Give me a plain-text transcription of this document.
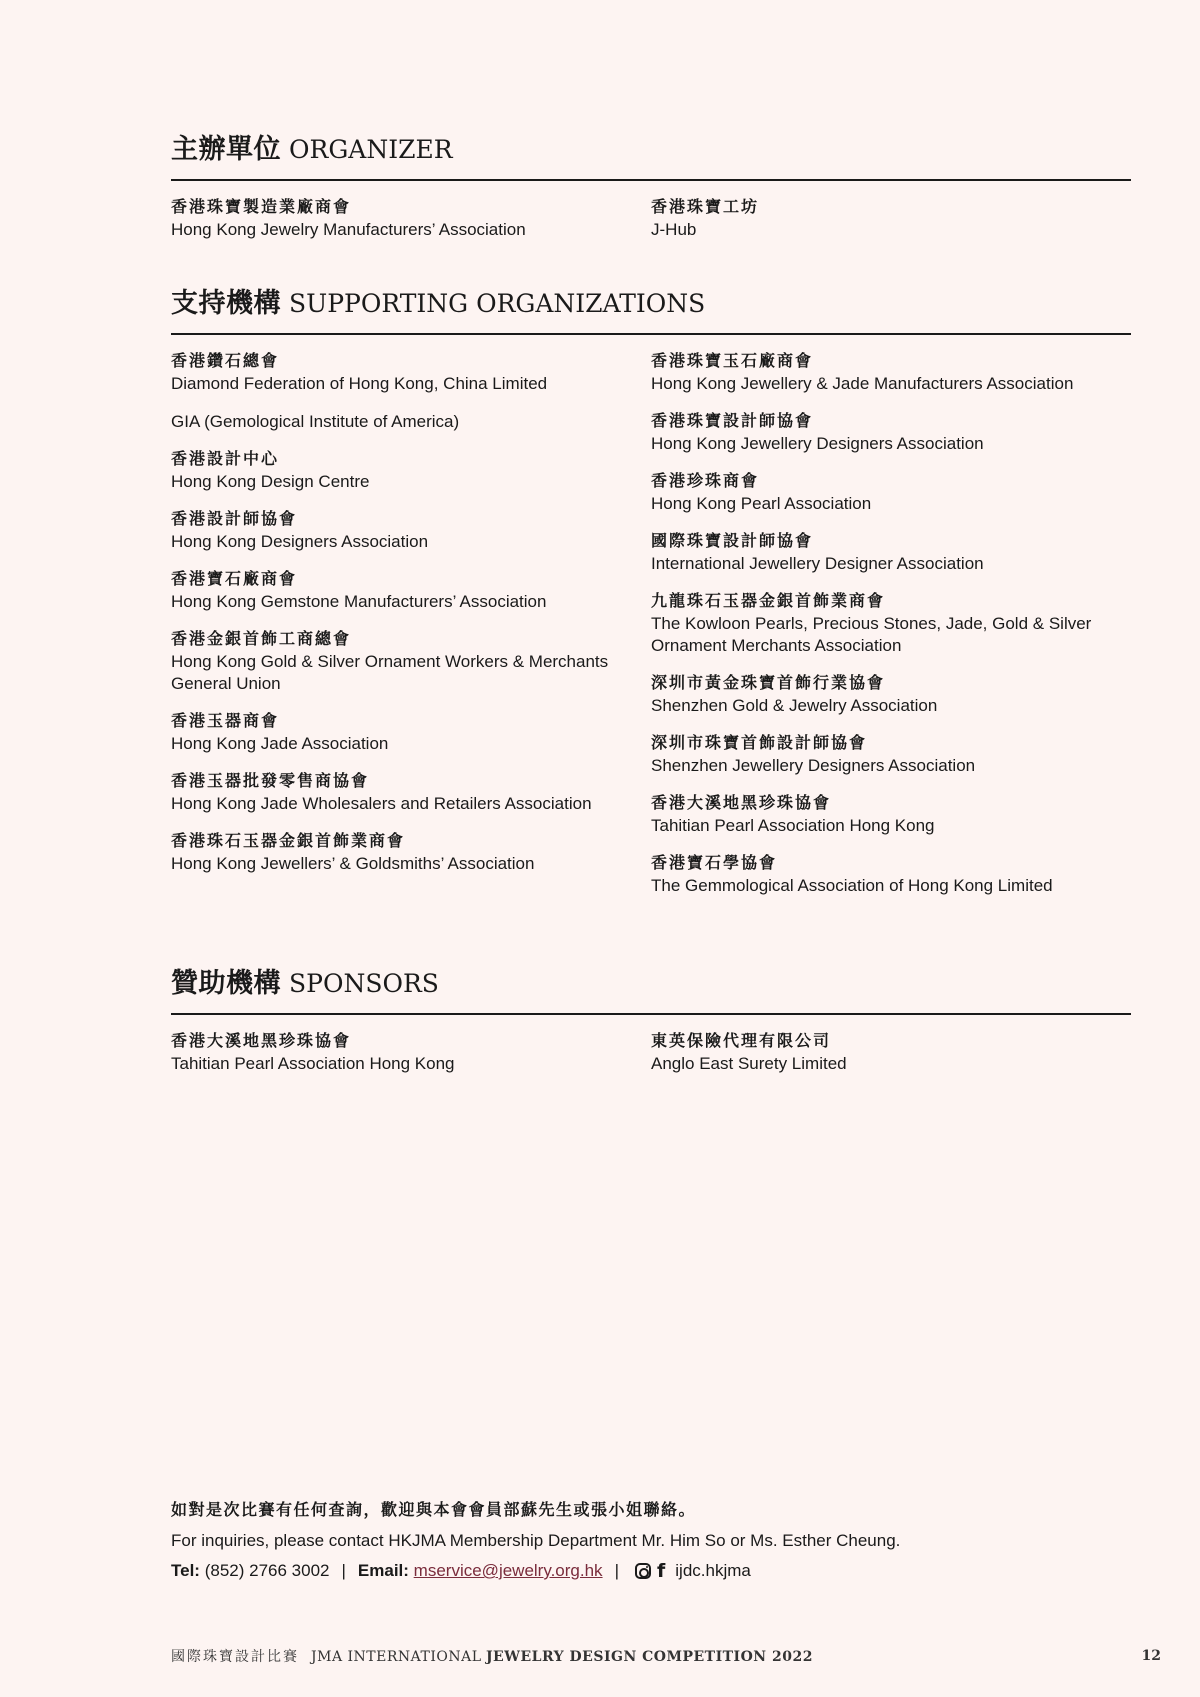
主辦單位 ORGANIZER
香港珠寶製造業廠商會
Hong Kong Jewelry Manufacturers’ Association
香港珠寶工坊
J-Hub
支持機構 SUPPORTING ORGANIZATIONS
香港鑽石總會
Diamond Federation of Hong Kong, China Limited
GIA (Gemological Institute of America)
香港設計中心
Hong Kong Design Centre
香港設計師協會
Hong Kong Designers Association
香港寶石廠商會
Hong Kong Gemstone Manufacturers’ Association
香港金銀首飾工商總會
Hong Kong Gold & Silver Ornament Workers & Merchants General Union
香港玉器商會
Hong Kong Jade Association
香港玉器批發零售商協會
Hong Kong Jade Wholesalers and Retailers Association
香港珠石玉器金銀首飾業商會
Hong Kong Jewellers’ & Goldsmiths’ Association
香港珠寶玉石廠商會
Hong Kong Jewellery & Jade Manufacturers Association
香港珠寶設計師協會
Hong Kong Jewellery Designers Association
香港珍珠商會
Hong Kong Pearl Association
國際珠寶設計師協會
International Jewellery Designer Association
九龍珠石玉器金銀首飾業商會
The Kowloon Pearls, Precious Stones, Jade, Gold & Silver Ornament Merchants Association
深圳市黃金珠寶首飾行業協會
Shenzhen Gold & Jewelry Association
深圳市珠寶首飾設計師協會
Shenzhen Jewellery Designers Association
香港大溪地黑珍珠協會
Tahitian Pearl Association Hong Kong
香港寶石學協會
The Gemmological Association of Hong Kong Limited
贊助機構 SPONSORS
香港大溪地黑珍珠協會
Tahitian Pearl Association Hong Kong
東英保險代理有限公司
Anglo East Surety Limited
如對是次比賽有任何查詢，歡迎與本會會員部蘇先生或張小姐聯絡。
For inquiries, please contact HKJMA Membership Department Mr. Him So or Ms. Esther Cheung.
Tel:
(852) 2766 3002 | Email:
mservice@jewelry.org.hk | f ijdc.hkjma
國際珠寶設計比賽 JMA INTERNATIONAL JEWELRY DESIGN COMPETITION 2022	12
